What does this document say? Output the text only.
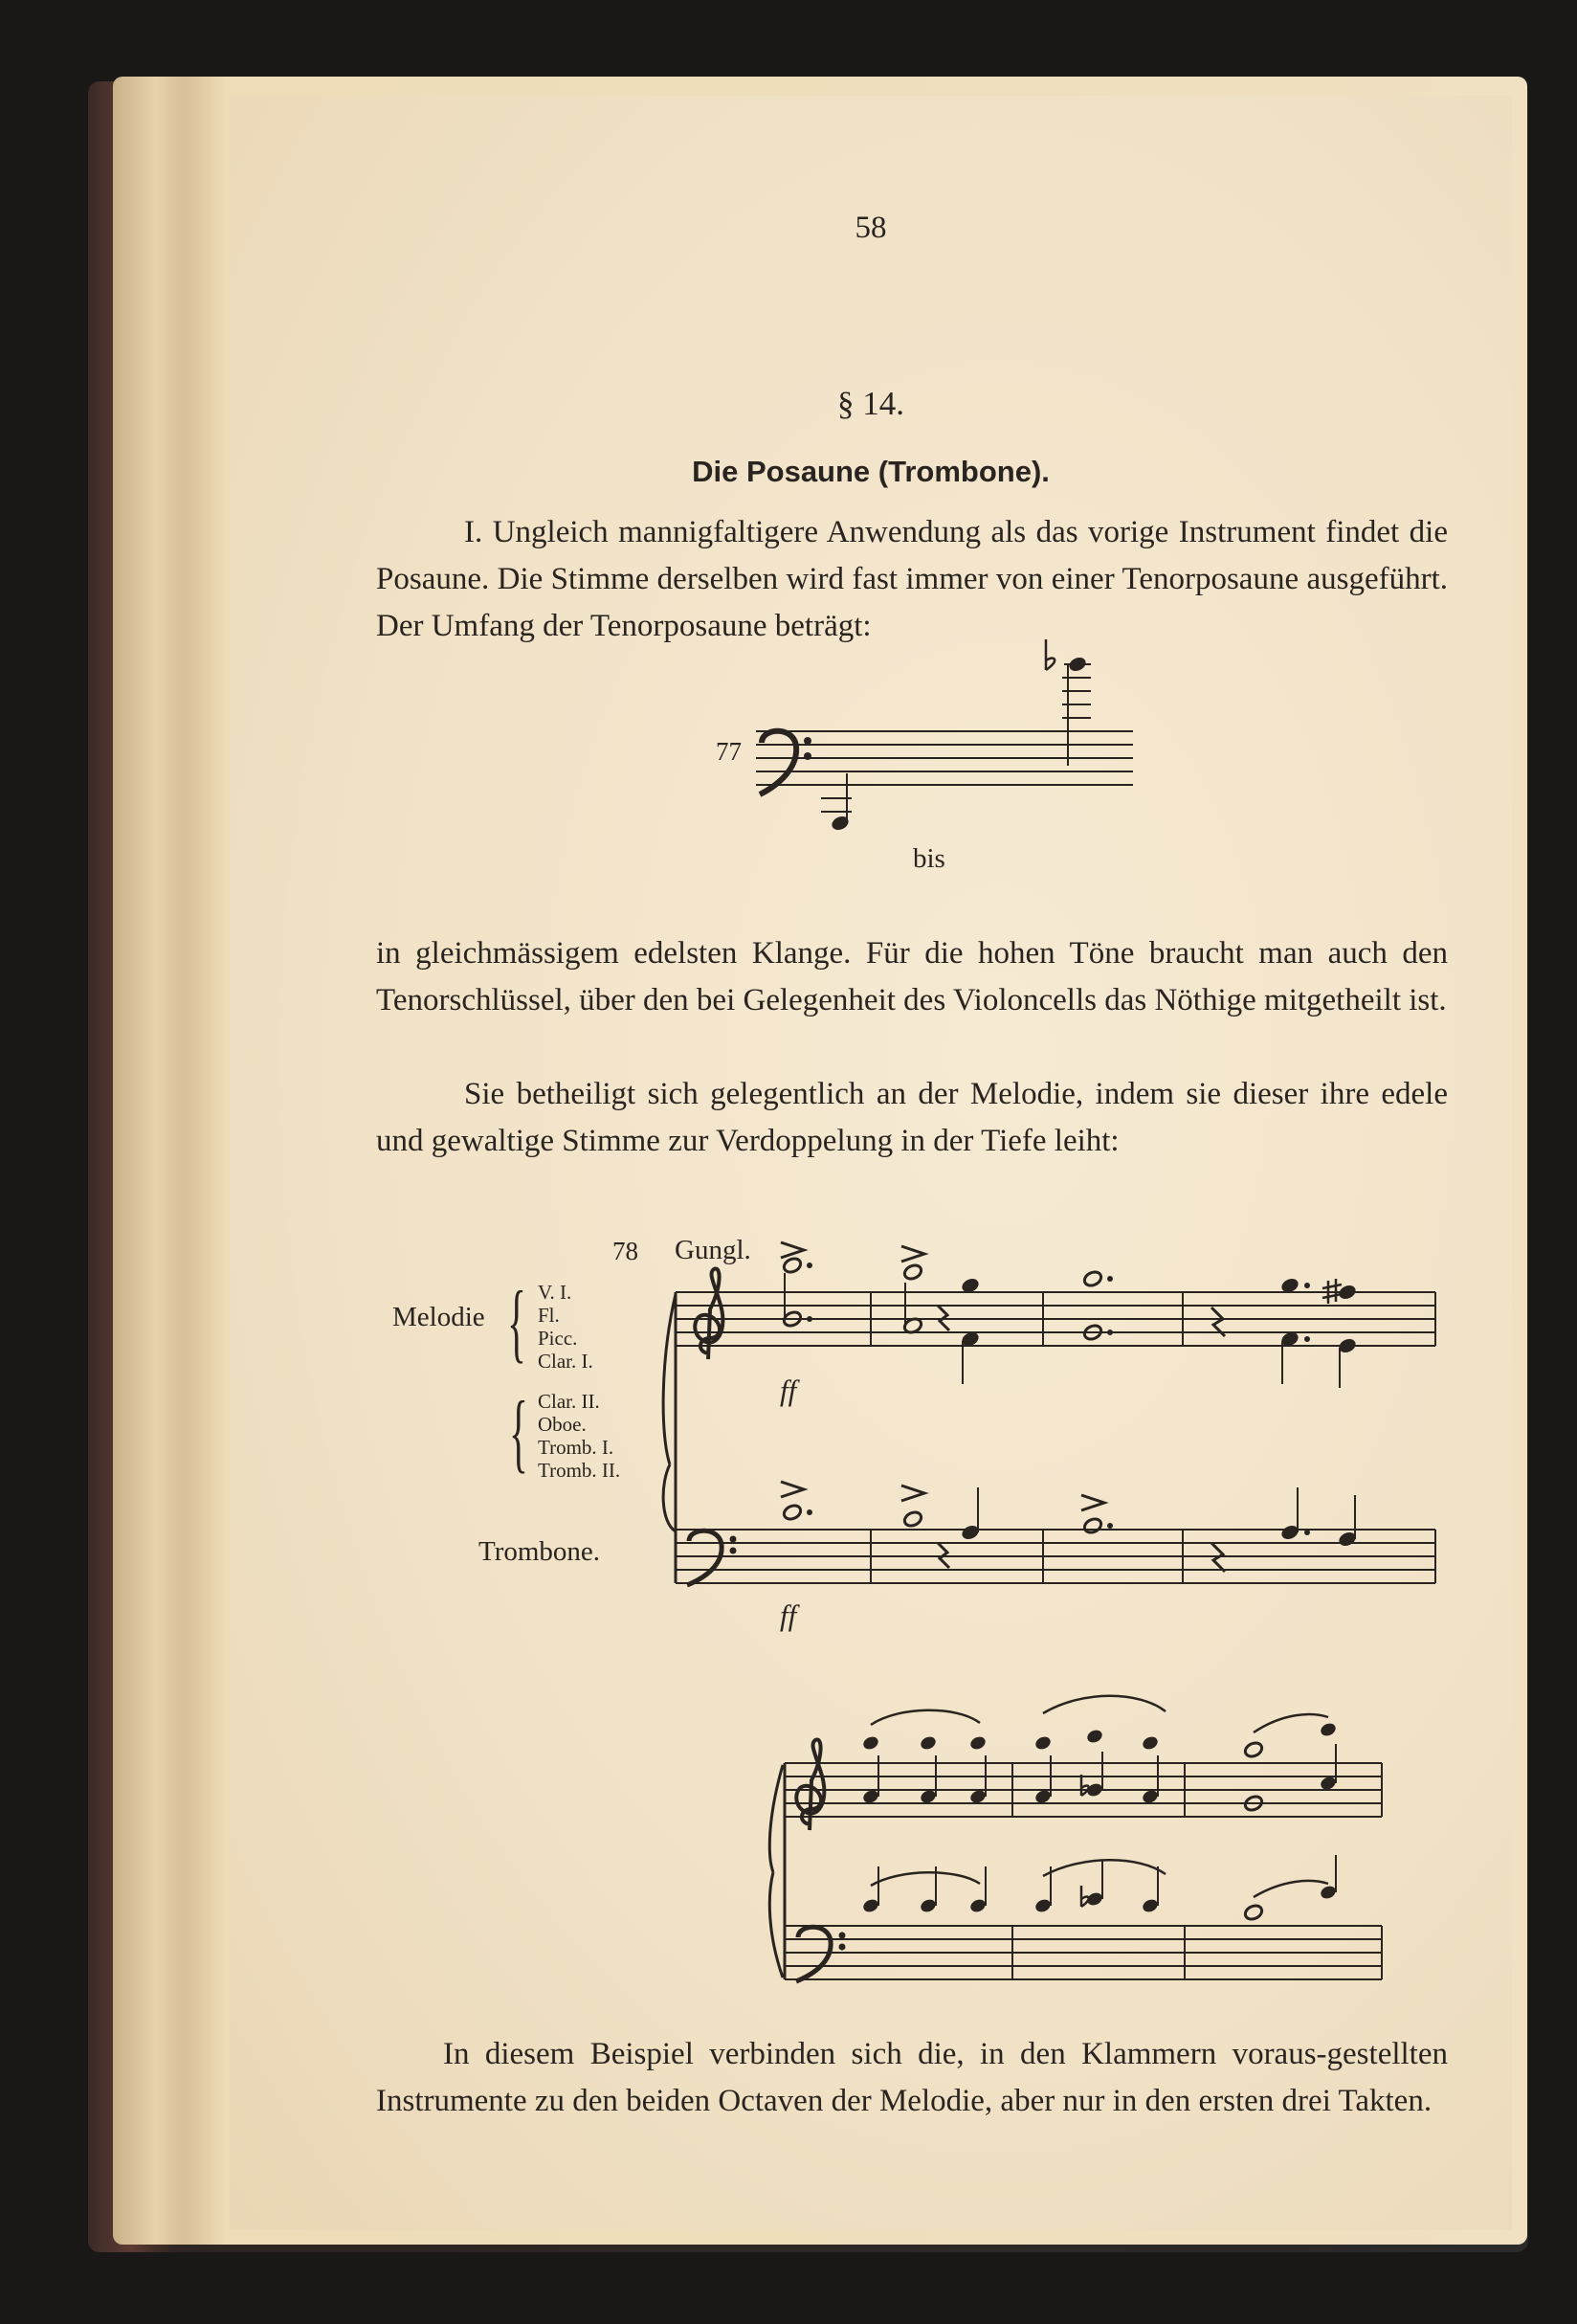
58
§ 14.
Die Posaune (Trombone).
I. Ungleich mannigfaltigere Anwendung als das vorige Instrument findet die Posaune. Die Stimme derselben wird fast immer von einer Tenorposaune ausgeführt. Der Umfang der Tenorposaune beträgt:
77
bis
in gleichmässigem edelsten Klange. Für die hohen Töne braucht man auch den Tenorschlüssel, über den bei Gelegenheit des Violoncells das Nöthige mitgetheilt ist.
Sie betheiligt sich gelegentlich an der Melodie, indem sie dieser ihre edele und gewaltige Stimme zur Verdoppelung in der Tiefe leiht:
78 Gungl.
Melodie { V. I.
Fl.
Picc.
Clar. I.
{ Clar. II.
Oboe.
Tromb. I.
Tromb. II.
Trombone.
ff
ff
In diesem Beispiel verbinden sich die, in den Klammern voraus-gestellten Instrumente zu den beiden Octaven der Melodie, aber nur in den ersten drei Takten.
